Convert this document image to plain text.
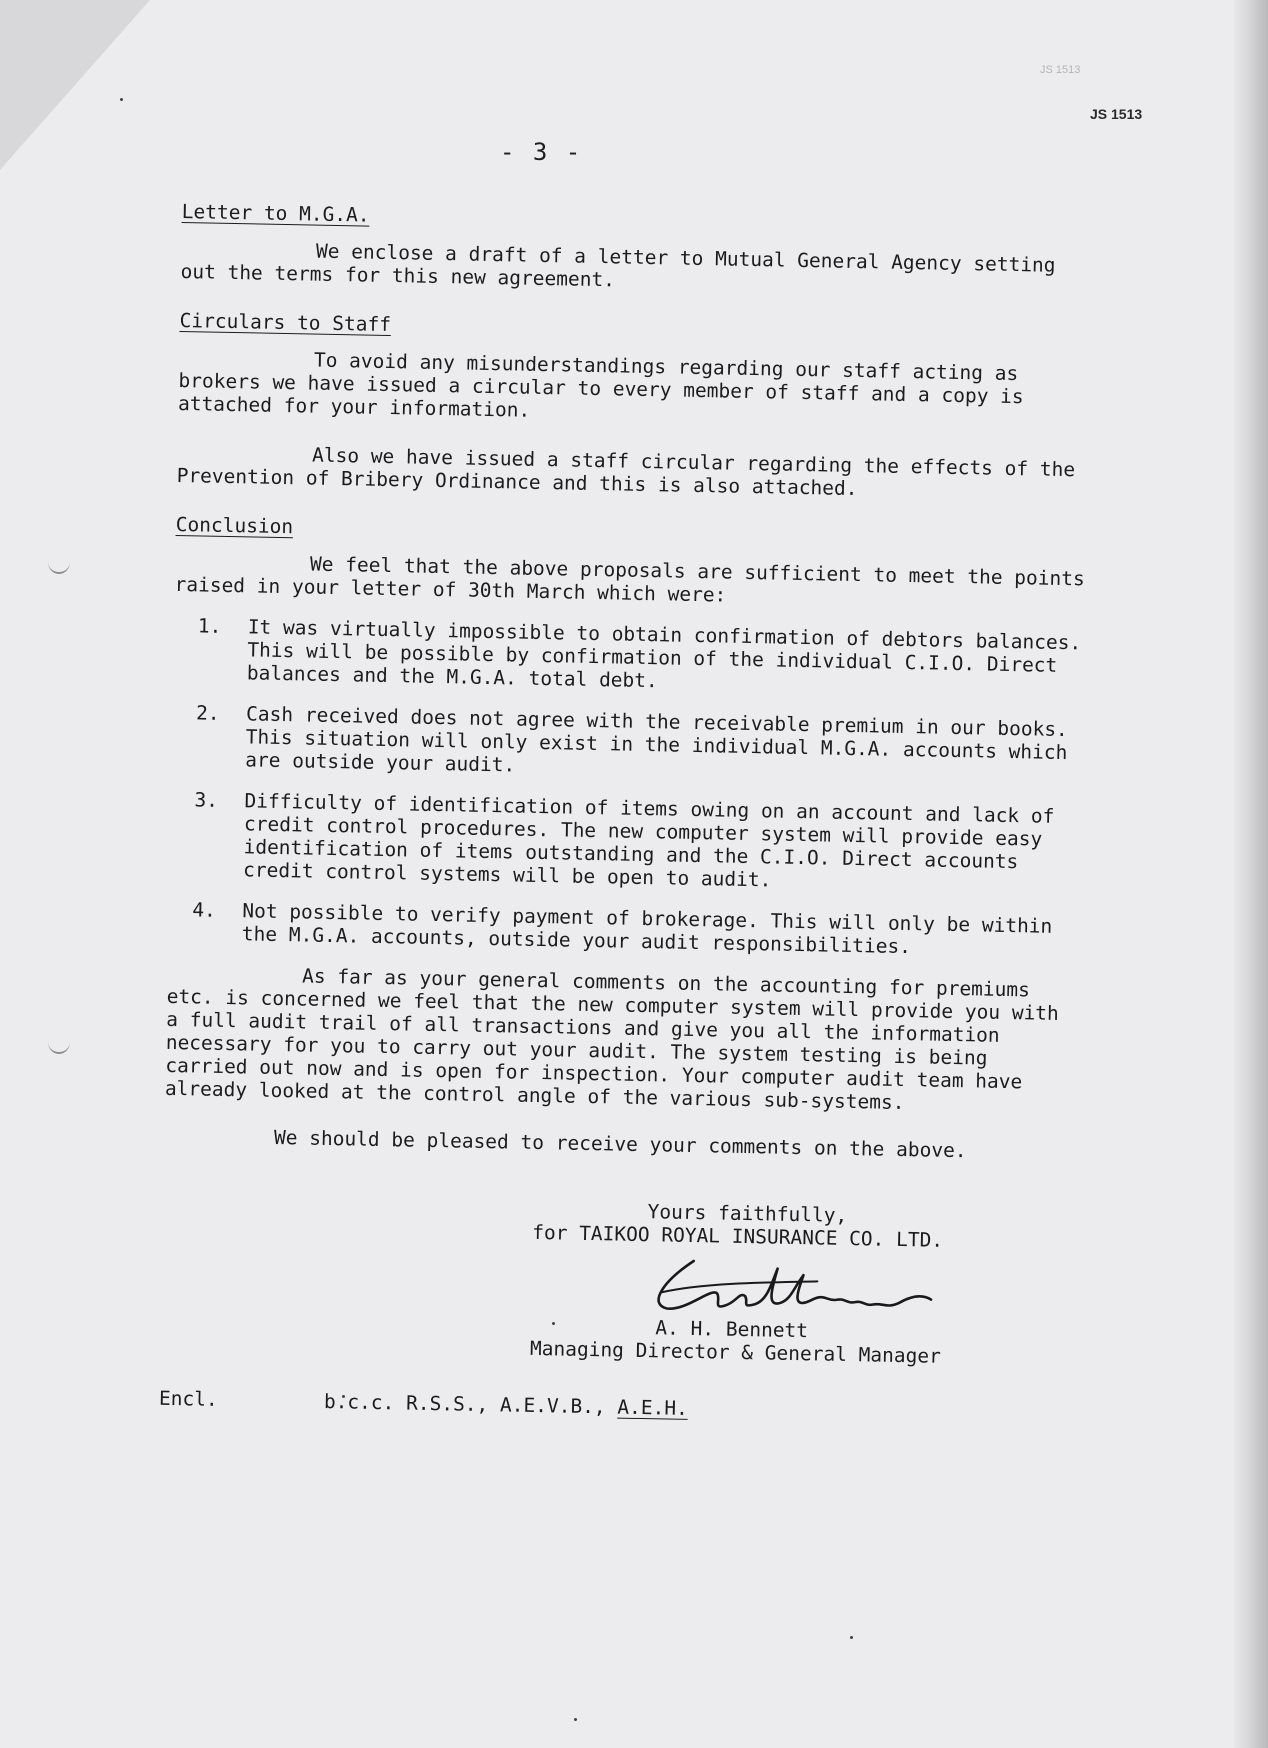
JS 1513
JS 1513
- 3 -

Letter to M.G.A.

We enclose a draft of a letter to Mutual General Agency setting out the terms for this new agreement.

Circulars to Staff

To avoid any misunderstandings regarding our staff acting as brokers we have issued a circular to every member of staff and a copy is attached for your information.

Also we have issued a staff circular regarding the effects of the Prevention of Bribery Ordinance and this is also attached.

Conclusion

We feel that the above proposals are sufficient to meet the points raised in your letter of 30th March which were:

1.	It was virtually impossible to obtain confirmation of debtors balances. This will be possible by confirmation of the individual C.I.O. Direct balances and the M.G.A. total debt.
2.	Cash received does not agree with the receivable premium in our books. This situation will only exist in the individual M.G.A. accounts which are outside your audit.
3.	Difficulty of identification of items owing on an account and lack of credit control procedures. The new computer system will provide easy identification of items outstanding and the C.I.O. Direct accounts credit control systems will be open to audit.
4.	Not possible to verify payment of brokerage. This will only be within the M.G.A. accounts, outside your audit responsibilities.

As far as your general comments on the accounting for premiums etc. is concerned we feel that the new computer system will provide you with a full audit trail of all transactions and give you all the information necessary for you to carry out your audit. The system testing is being carried out now and is open for inspection. Your computer audit team have already looked at the control angle of the various sub-systems.

We should be pleased to receive your comments on the above.

Yours faithfully,

for TAIKOO ROYAL INSURANCE CO. LTD.

A. H. Bennett

Managing Director & General Manager

Encl.	b.c.c. R.S.S., A.E.V.B., A.E.H.
